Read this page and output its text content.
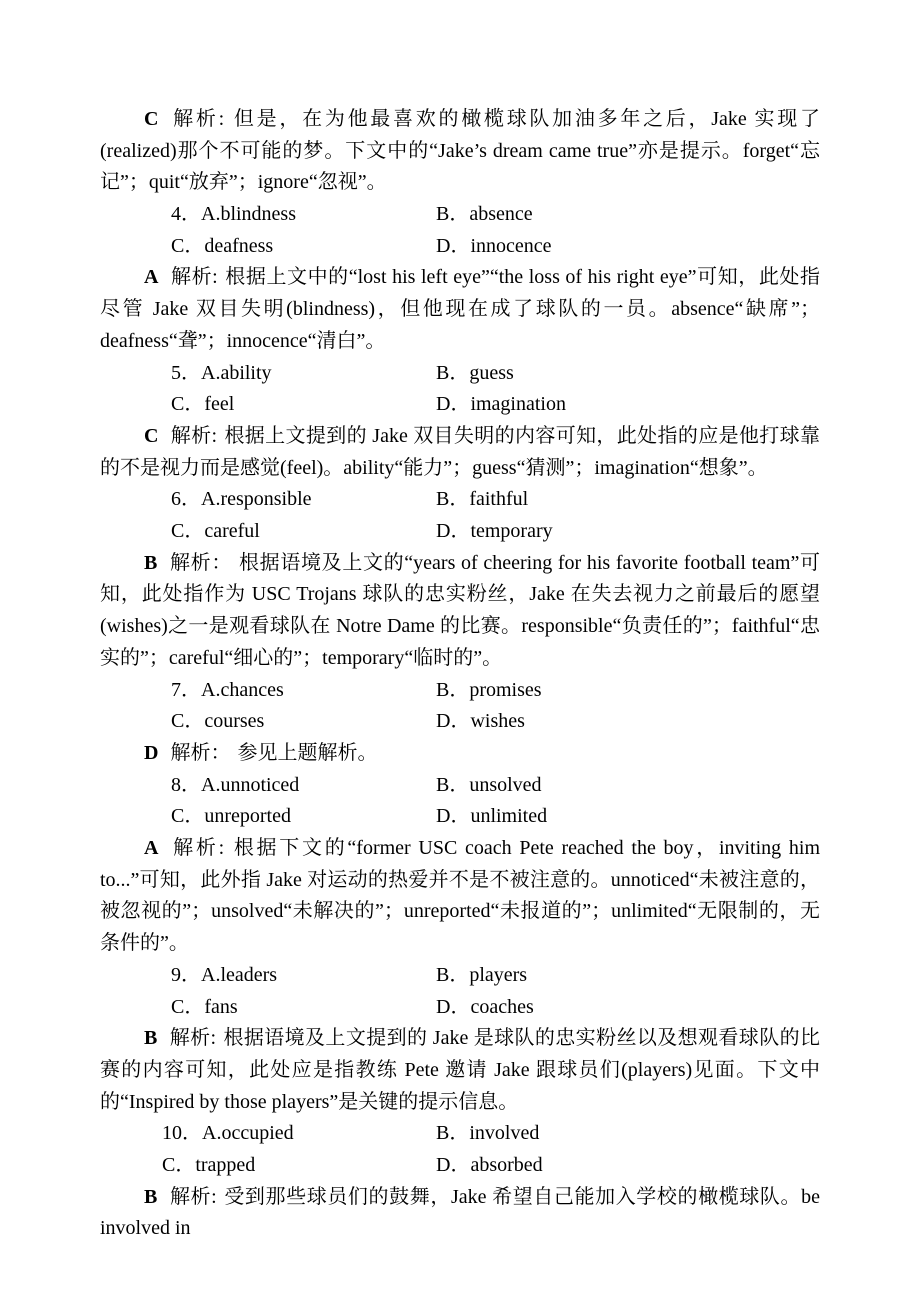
C 解析: 但是，在为他最喜欢的橄榄球队加油多年之后，Jake 实现了(realized)那个不可能的梦。下文中的“Jake’s dream came true”亦是提示。forget“忘记”；quit“放弃”；ignore“忽视”。

4．A.blindness	B．absence
C．deafness	D．innocence

A 解析: 根据上文中的“lost his left eye”“the loss of his right eye”可知，此处指尽管 Jake 双目失明(blindness)，但他现在成了球队的一员。absence“缺席”；deafness“聋”；innocence“清白”。

5．A.ability	B．guess
C．feel	D．imagination

C 解析: 根据上文提到的 Jake 双目失明的内容可知，此处指的应是他打球靠的不是视力而是感觉(feel)。ability“能力”；guess“猜测”；imagination“想象”。

6．A.responsible	B．faithful
C．careful	D．temporary

B 解析： 根据语境及上文的“years of cheering for his favorite football team”可知，此处指作为 USC Trojans 球队的忠实粉丝，Jake 在失去视力之前最后的愿望(wishes)之一是观看球队在 Notre Dame 的比赛。responsible“负责任的”；faithful“忠实的”；careful“细心的”；temporary“临时的”。

7．A.chances	B．promises
C．courses	D．wishes

D 解析： 参见上题解析。

8．A.unnoticed	B．unsolved
C．unreported	D．unlimited

A 解析: 根据下文的“former USC coach Pete reached the boy，inviting him to...”可知，此外指 Jake 对运动的热爱并不是不被注意的。unnoticed“未被注意的，被忽视的”；unsolved“未解决的”；unreported“未报道的”；unlimited“无限制的，无条件的”。

9．A.leaders	B．players
C．fans	D．coaches

B 解析: 根据语境及上文提到的 Jake 是球队的忠实粉丝以及想观看球队的比赛的内容可知，此处应是指教练 Pete 邀请 Jake 跟球员们(players)见面。下文中的“Inspired by those players”是关键的提示信息。

10．A.occupied	B．involved
C．trapped	D．absorbed

B 解析: 受到那些球员们的鼓舞，Jake 希望自己能加入学校的橄榄球队。be involved in
